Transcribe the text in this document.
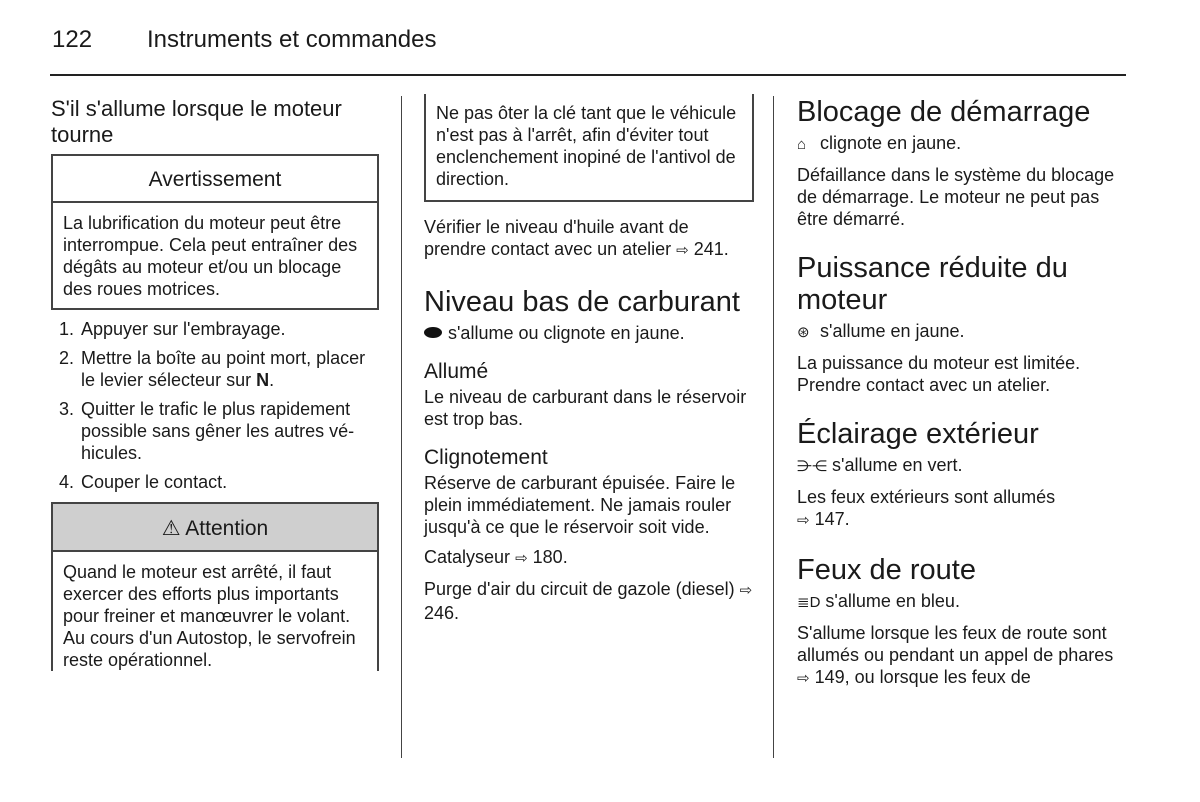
122 Instruments et commandes
S'il s'allume lorsque le moteur tourne
Avertissement

La lubrification du moteur peut être interrompue. Cela peut entraîner des dégâts au moteur et/ou un blocage des roues motrices.

1. Appuyer sur l'embrayage.
2. Mettre la boîte au point mort, placer le levier sélecteur sur N.
3. Quitter le trafic le plus rapidement possible sans gêner les autres véhicules.
4. Couper le contact.
⚠ Attention

Quand le moteur est arrêté, il faut exercer des efforts plus importants pour freiner et manœuvrer le volant. Au cours d'un Autostop, le servofrein reste opérationnel.

Ne pas ôter la clé tant que le véhicule n'est pas à l'arrêt, afin d'éviter tout enclenchement inopiné de l'antivol de direction.

Vérifier le niveau d'huile avant de prendre contact avec un atelier ⇨ 241.

Niveau bas de carburant

s'allume ou clignote en jaune.

Allumé

Le niveau de carburant dans le réservoir est trop bas.

Clignotement

Réserve de carburant épuisée. Faire le plein immédiatement. Ne jamais rouler jusqu'à ce que le réservoir soit vide.

Catalyseur ⇨ 180.

Purge d'air du circuit de gazole (diesel) ⇨ 246.

Blocage de démarrage

⌂ clignote en jaune.

Défaillance dans le système du blocage de démarrage. Le moteur ne peut pas être démarré.

Puissance réduite du moteur

⊛ s'allume en jaune.

La puissance du moteur est limitée. Prendre contact avec un atelier.

Éclairage extérieur

⋺⋲ s'allume en vert.

Les feux extérieurs sont allumés
⇨ 147.

Feux de route

≣D s'allume en bleu.

S'allume lorsque les feux de route sont allumés ou pendant un appel de phares ⇨ 149, ou lorsque les feux de
